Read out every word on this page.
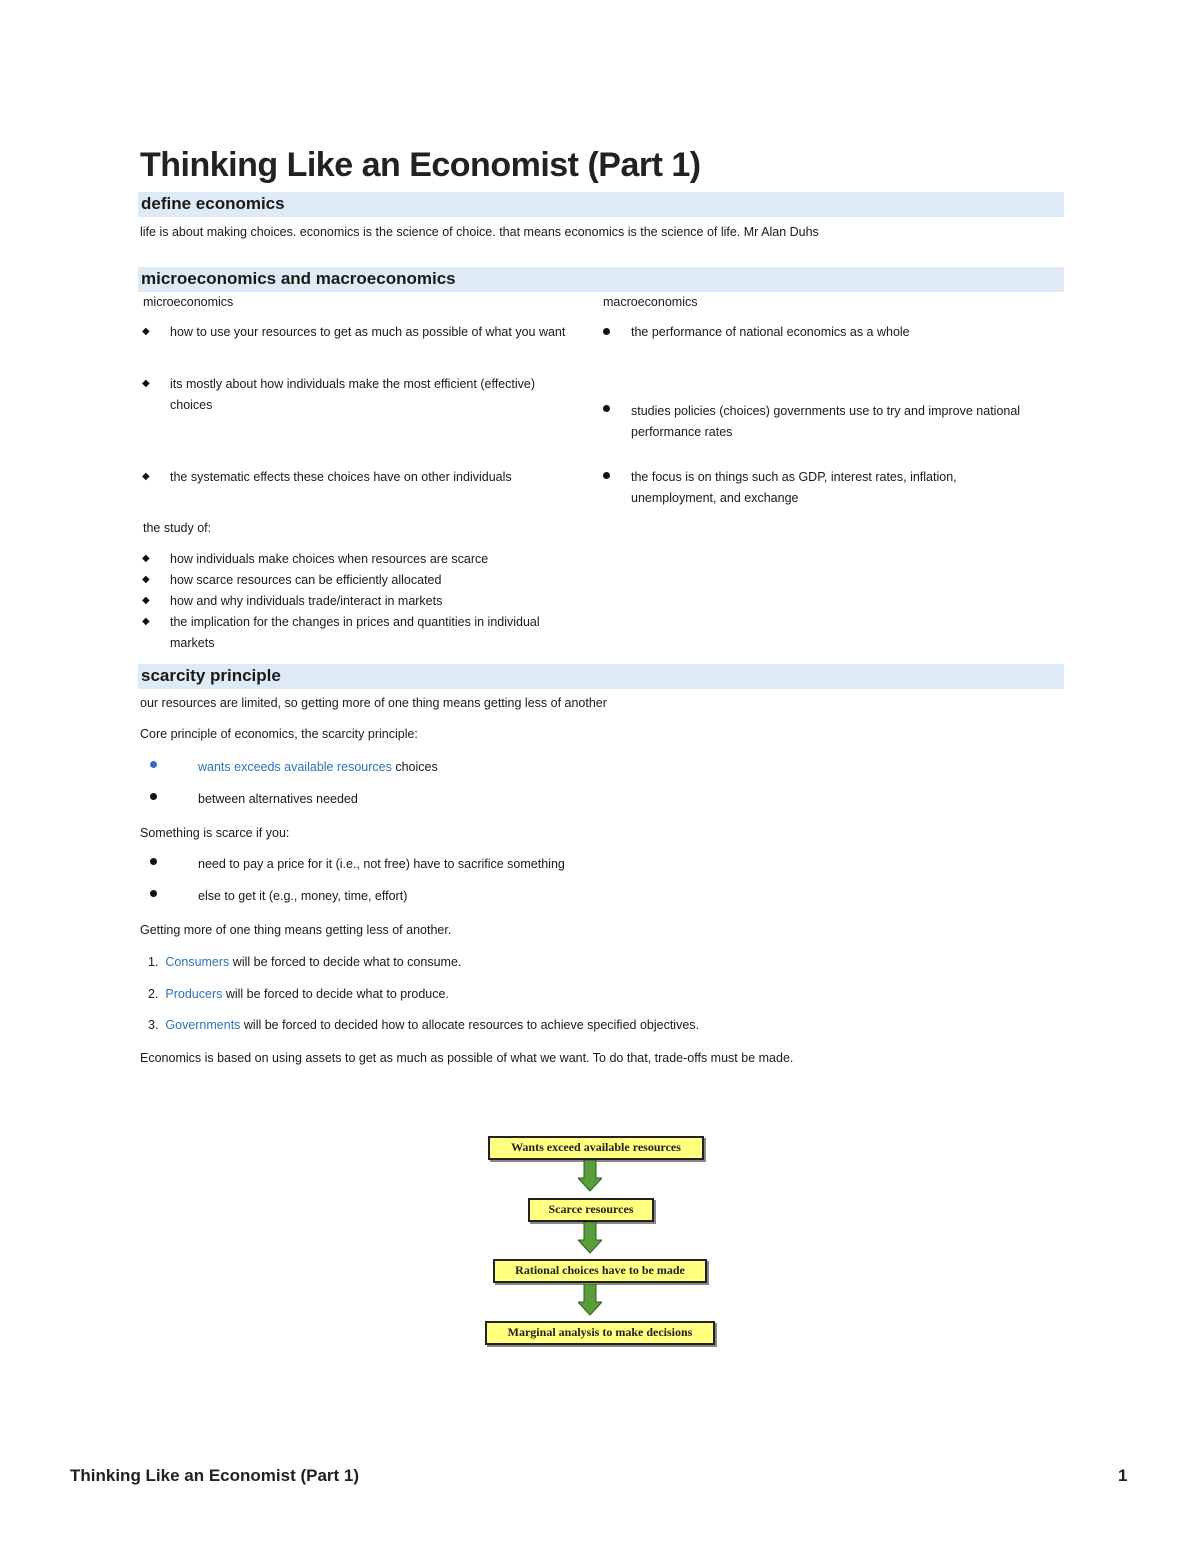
Thinking Like an Economist (Part 1)
define economics
life is about making choices. economics is the science of choice. that means economics is the science of life. Mr Alan Duhs
microeconomics and macroeconomics
microeconomics	macroeconomics
◆ how to use your resources to get as much as possible of what you want
◆ its mostly about how individuals make the most efficient (effective) choices
◆ the systematic effects these choices have on other individuals
the performance of national economics as a whole
studies policies (choices) governments use to try and improve national performance rates
the focus is on things such as GDP, interest rates, inflation, unemployment, and exchange
the study of:
◆ how individuals make choices when resources are scarce
◆ how scarce resources can be efficiently allocated
◆ how and why individuals trade/interact in markets
◆ the implication for the changes in prices and quantities in individual markets
scarcity principle
our resources are limited, so getting more of one thing means getting less of another
Core principle of economics, the scarcity principle:
wants exceeds available resources choices
between alternatives needed
Something is scarce if you:
need to pay a price for it (i.e., not free) have to sacrifice something
else to get it (e.g., money, time, effort)
Getting more of one thing means getting less of another.
1. Consumers will be forced to decide what to consume.
2. Producers will be forced to decide what to produce.
3. Governments will be forced to decided how to allocate resources to achieve specified objectives.
Economics is based on using assets to get as much as possible of what we want. To do that, trade-offs must be made.
Wants exceed available resources
Scarce resources
Rational choices have to be made
Marginal analysis to make decisions
Thinking Like an Economist (Part 1)	1
